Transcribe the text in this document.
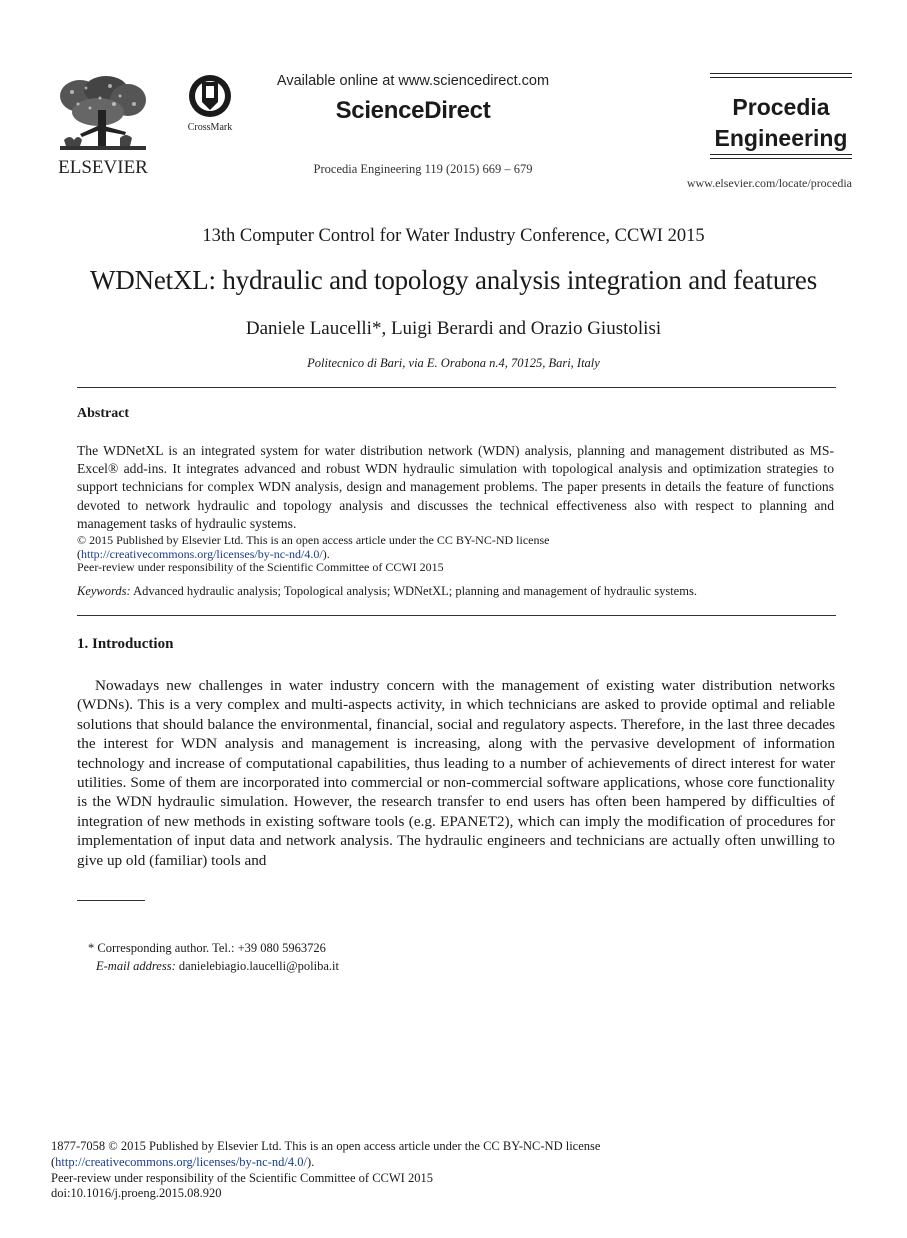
ELSEVIER
CrossMark
Available online at www.sciencedirect.com
ScienceDirect
Procedia Engineering 119 (2015) 669 – 679
Procedia
Engineering
www.elsevier.com/locate/procedia
13th Computer Control for Water Industry Conference, CCWI 2015
WDNetXL: hydraulic and topology analysis integration and features
Daniele Laucelli*, Luigi Berardi and Orazio Giustolisi
Politecnico di Bari, via E. Orabona n.4, 70125, Bari, Italy
Abstract
The WDNetXL is an integrated system for water distribution network (WDN) analysis, planning and management distributed as MS-Excel® add-ins. It integrates advanced and robust WDN hydraulic simulation with topological analysis and optimization strategies to support technicians for complex WDN analysis, design and management problems. The paper presents in details the feature of functions devoted to network hydraulic and topology analysis and discusses the technical effectiveness also with respect to planning and management tasks of hydraulic systems.
© 2015 Published by Elsevier Ltd. This is an open access article under the CC BY-NC-ND license
(http://creativecommons.org/licenses/by-nc-nd/4.0/).
Peer-review under responsibility of the Scientific Committee of CCWI 2015
Keywords: Advanced hydraulic analysis; Topological analysis; WDNetXL; planning and management of hydraulic systems.
1. Introduction
Nowadays new challenges in water industry concern with the management of existing water distribution networks (WDNs). This is a very complex and multi-aspects activity, in which technicians are asked to provide optimal and reliable solutions that should balance the environmental, financial, social and regulatory aspects. Therefore, in the last three decades the interest for WDN analysis and management is increasing, along with the pervasive development of information technology and increase of computational capabilities, thus leading to a number of achievements of direct interest for water utilities. Some of them are incorporated into commercial or non-commercial software applications, whose core functionality is the WDN hydraulic simulation. However, the research transfer to end users has often been hampered by difficulties of integration of new methods in existing software tools (e.g. EPANET2), which can imply the modification of procedures for implementation of input data and network analysis. The hydraulic engineers and technicians are actually often unwilling to give up old (familiar) tools and
* Corresponding author. Tel.: +39 080 5963726
E-mail address: danielebiagio.laucelli@poliba.it
1877-7058 © 2015 Published by Elsevier Ltd. This is an open access article under the CC BY-NC-ND license
(http://creativecommons.org/licenses/by-nc-nd/4.0/).
Peer-review under responsibility of the Scientific Committee of CCWI 2015
doi:10.1016/j.proeng.2015.08.920
